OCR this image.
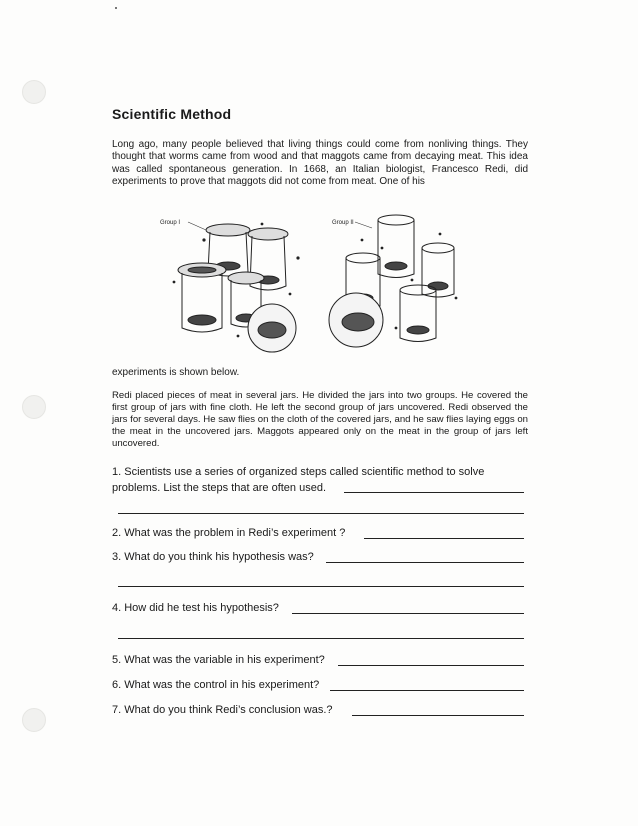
Scientific Method
Long ago, many people believed that living things could come from nonliving things. They thought that worms came from wood and that maggots came from decaying meat. This idea was called spontaneous generation. In 1668, an Italian biologist, Francesco Redi, did experiments to prove that maggots did not come from meat. One of his
Group I	Group II
experiments is shown below.
Redi placed pieces of meat in several jars. He divided the jars into two groups. He covered the first group of jars with fine cloth. He left the second group of jars uncovered. Redi observed the jars for several days. He saw flies on the cloth of the covered jars, and he saw flies laying eggs on the meat in the uncovered jars. Maggots appeared only on the meat in the group of jars left uncovered.
1. Scientists use a series of organized steps called scientific method to solve
problems. List the steps that are often used.
2. What was the problem in Redi’s experiment ?
3. What do you think his hypothesis was?
4. How did he test his hypothesis?
5. What was the variable in his experiment?
6. What was the control in his experiment?
7. What do you think Redi’s conclusion was.?
